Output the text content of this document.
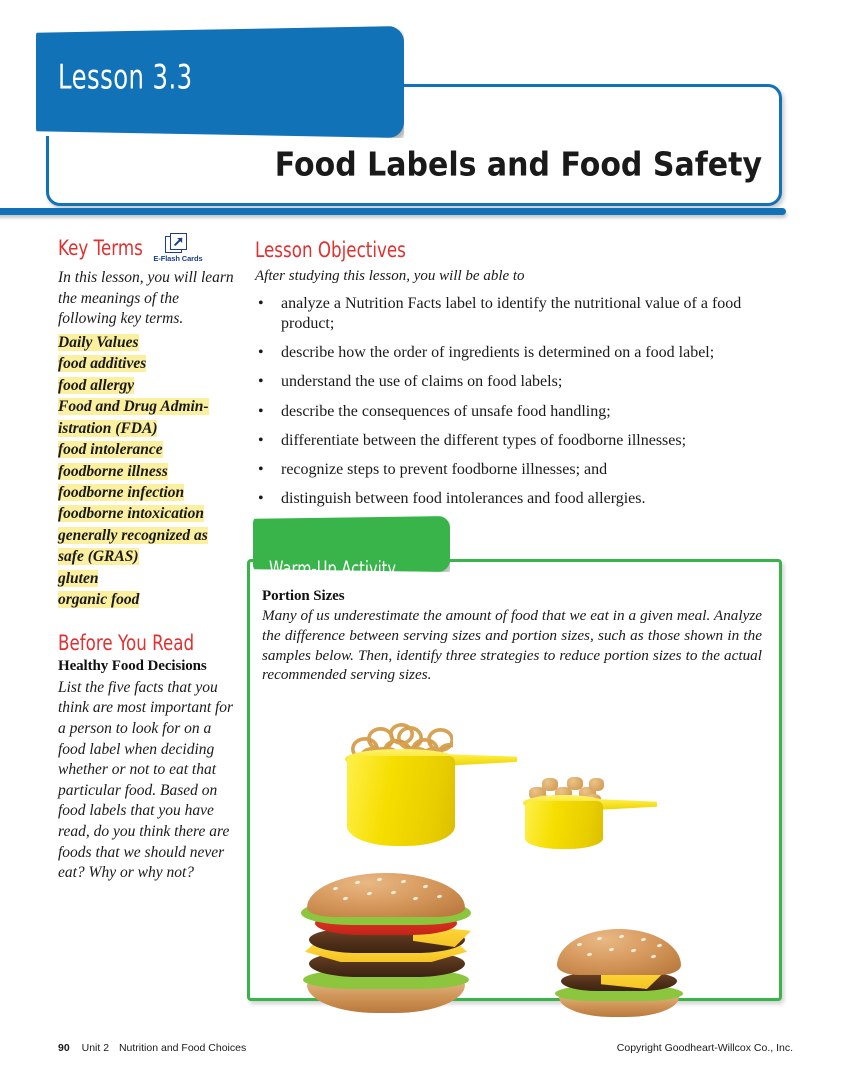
Lesson 3.3
Food Labels and Food Safety
Key Terms	E-Flash Cards

In this lesson, you will learn the meanings of the following key terms.

Daily Values
food additives
food allergy
Food and Drug Admin-
istration (FDA)
food intolerance
foodborne illness
foodborne infection
foodborne intoxication
generally recognized as
safe (GRAS)
gluten
organic food
Before You Read
Healthy Food Decisions

List the five facts that you think are most important for a person to look for on a food label when deciding whether or not to eat that particular food. Based on food labels that you have read, do you think there are foods that we should never eat? Why or why not?

Lesson Objectives

After studying this lesson, you will be able to

• analyze a Nutrition Facts label to identify the nutritional value of a food product;
• describe how the order of ingredients is determined on a food label;
• understand the use of claims on food labels;
• describe the consequences of unsafe food handling;
• differentiate between the different types of foodborne illnesses;
• recognize steps to prevent foodborne illnesses; and
• distinguish between food intolerances and food allergies.
Warm-Up Activity
Portion Sizes

Many of us underestimate the amount of food that we eat in a given meal. Analyze the difference between serving sizes and portion sizes, such as those shown in the samples below. Then, identify three strategies to reduce portion sizes to the actual recommended serving sizes.

90 Unit 2 Nutrition and Food Choices	Copyright Goodheart-Willcox Co., Inc.
